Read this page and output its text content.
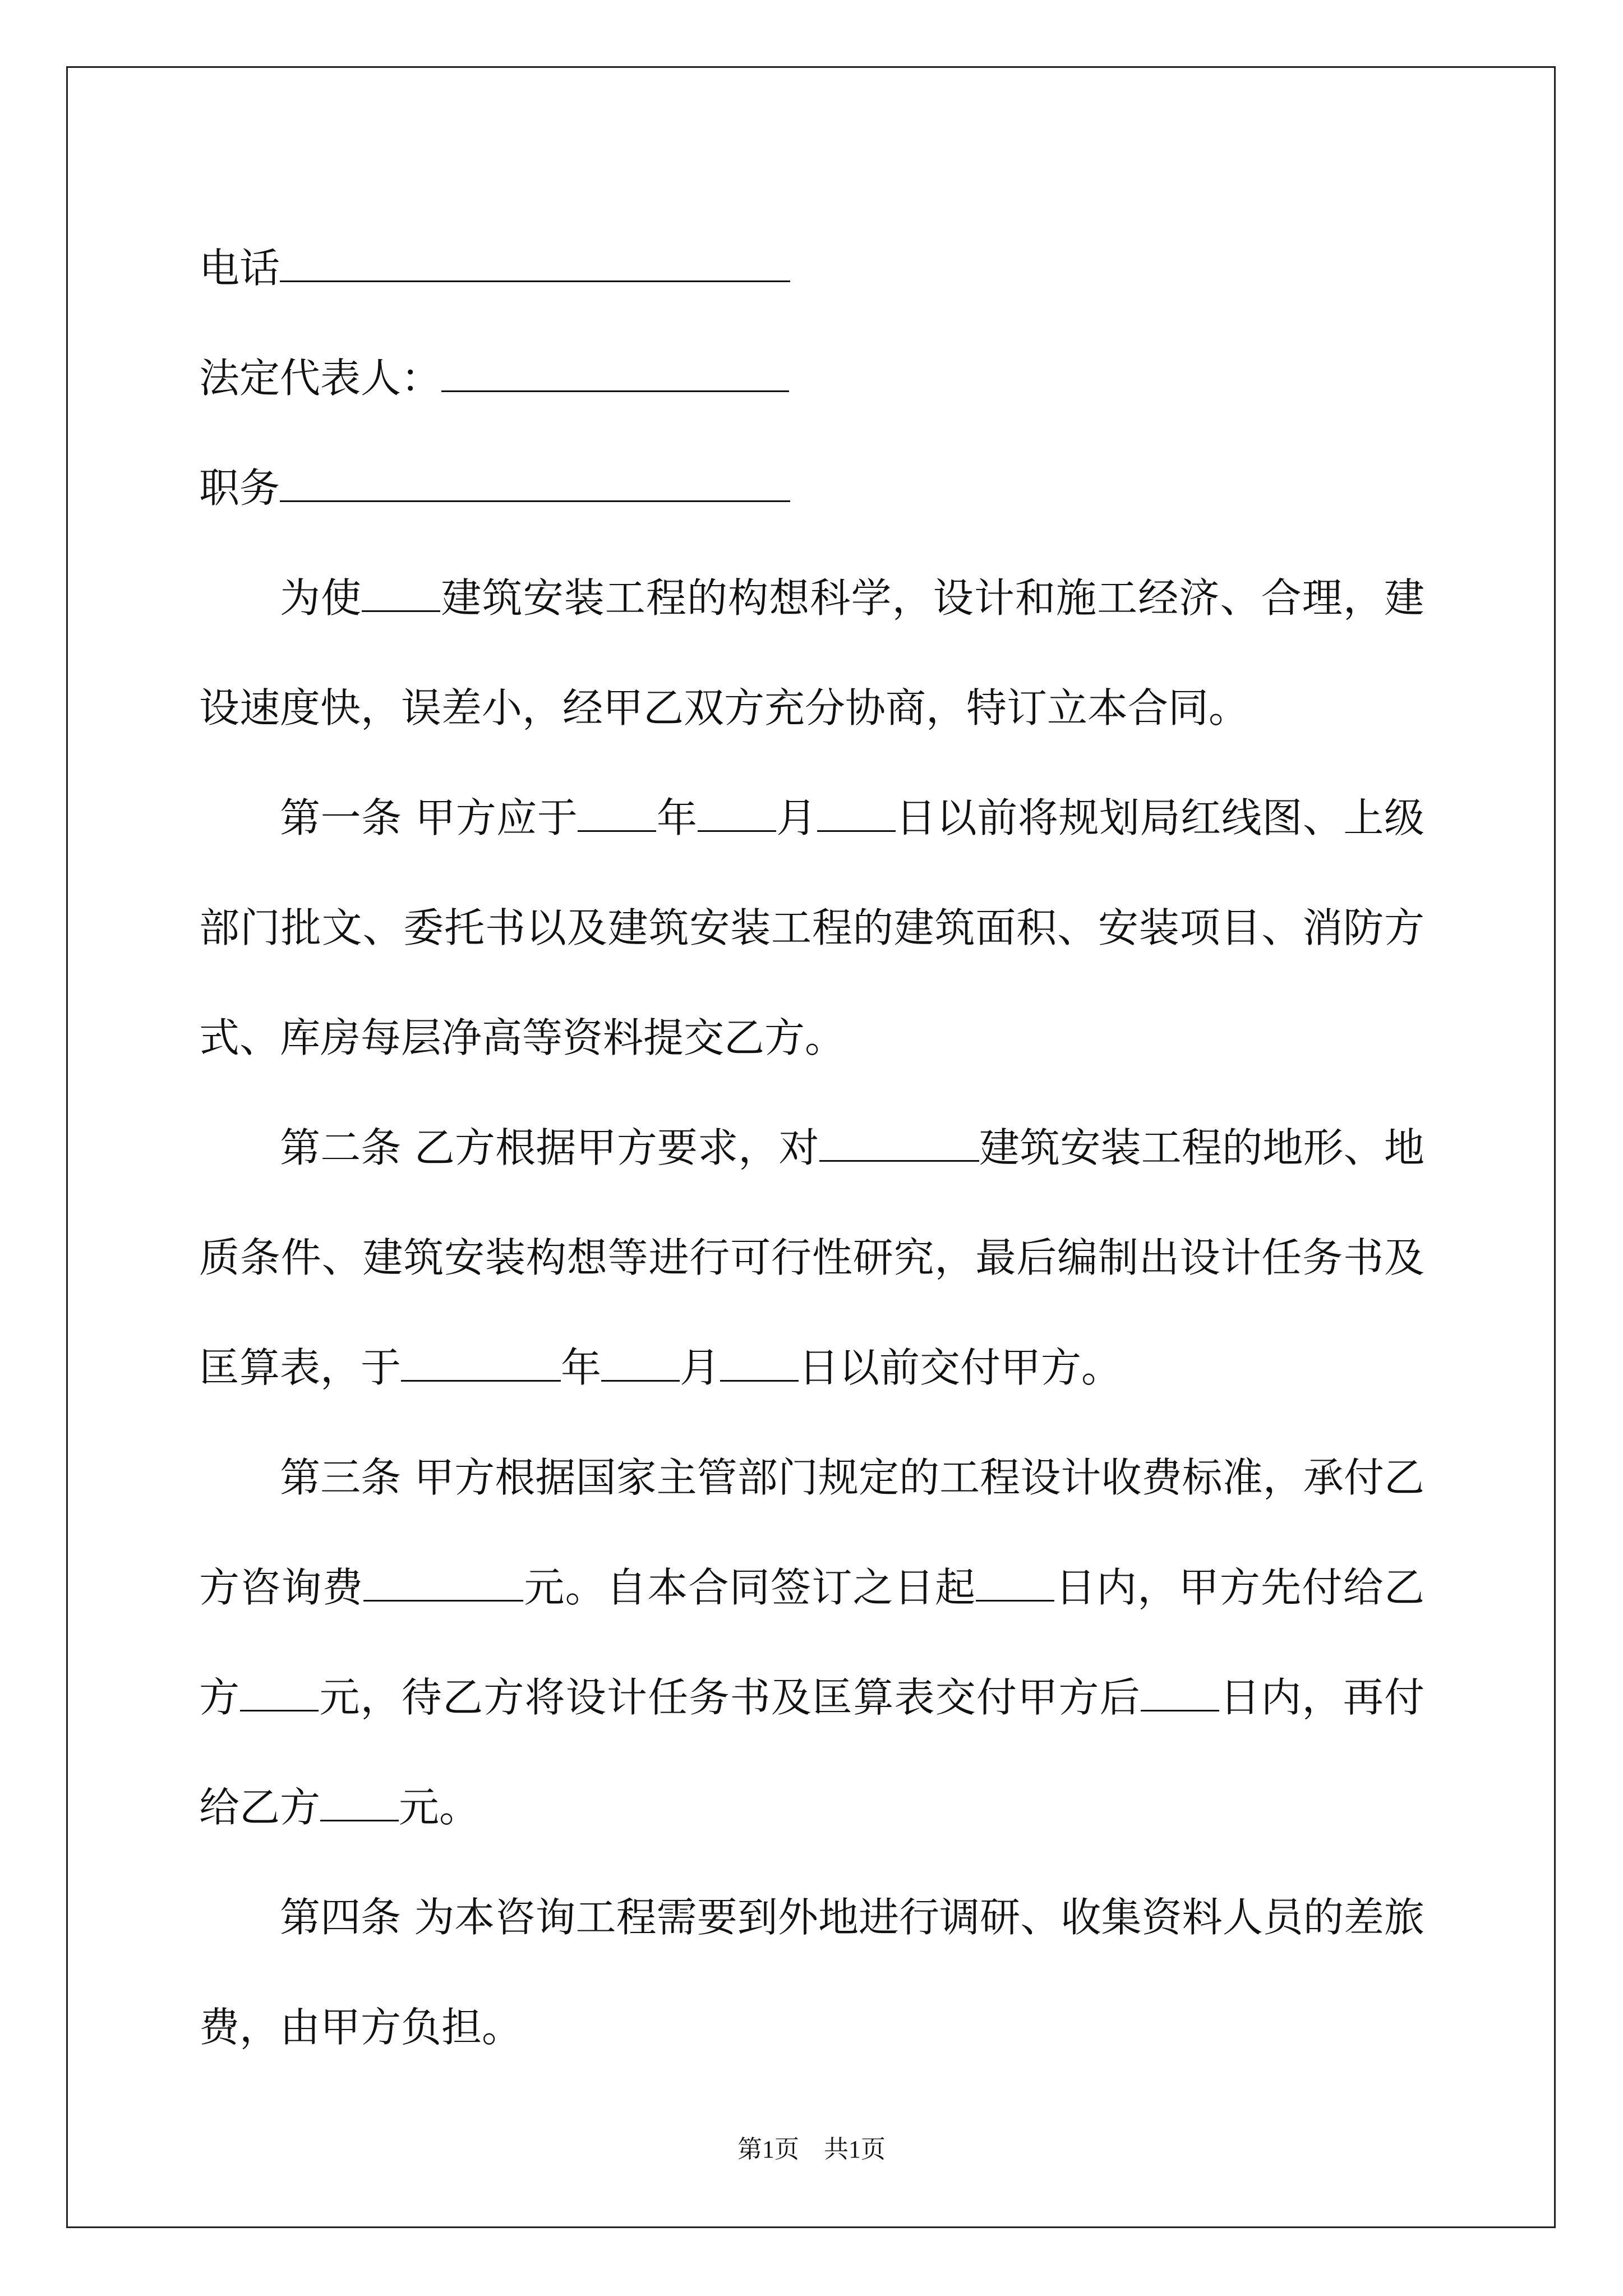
电话
法定代表人：
职务

为使 建筑安装工程的构想科学，设计和施工经济、合理，建设速度快，误差小，经甲乙双方充分协商，特订立本合同。

第一条 甲方应于 年 月 日以前将规划局红线图、上级部门批文、委托书以及建筑安装工程的建筑面积、安装项目、消防方式、库房每层净高等资料提交乙方。

第二条 乙方根据甲方要求，对	建筑安装工程的地形、地质条件、建筑安装构想等进行可行性研究，最后编制出设计任务书及匡算表，于	年 月 日以前交付甲方。

第三条 甲方根据国家主管部门规定的工程设计收费标准，承付乙方咨询费	元。自本合同签订之日起 日内，甲方先付给乙方 元，待乙方将设计任务书及匡算表交付甲方后 日内，再付给乙方 元。

第四条 为本咨询工程需要到外地进行调研、收集资料人员的差旅费，由甲方负担。

第1页　共1页
